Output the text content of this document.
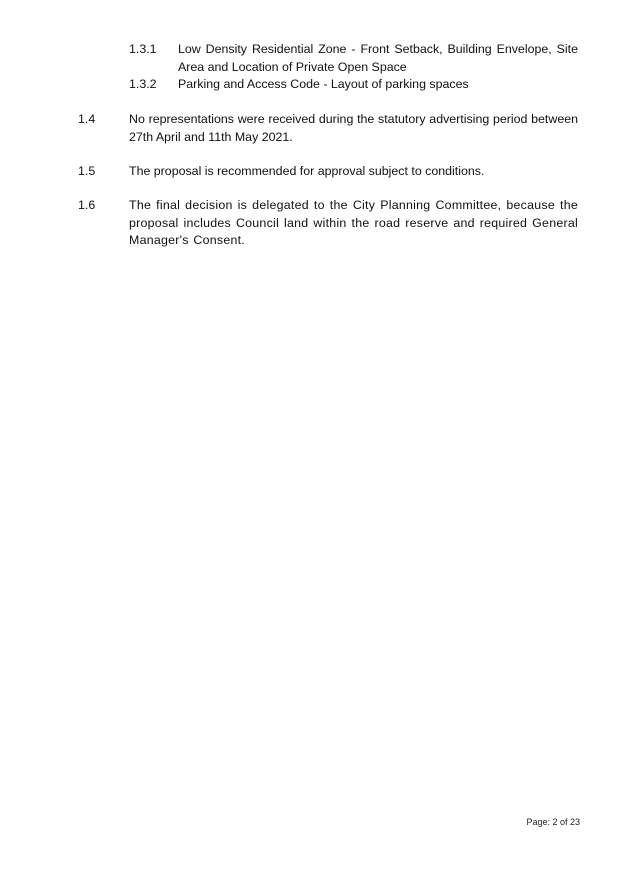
1.3.1	Low Density Residential Zone - Front Setback, Building Envelope, Site Area and Location of Private Open Space
1.3.2	Parking and Access Code - Layout of parking spaces
1.4	No representations were received during the statutory advertising period between 27th April and 11th May 2021.
1.5	The proposal is recommended for approval subject to conditions.
1.6	The final decision is delegated to the City Planning Committee, because the proposal includes Council land within the road reserve and required General Manager's Consent.
Page: 2 of 23
